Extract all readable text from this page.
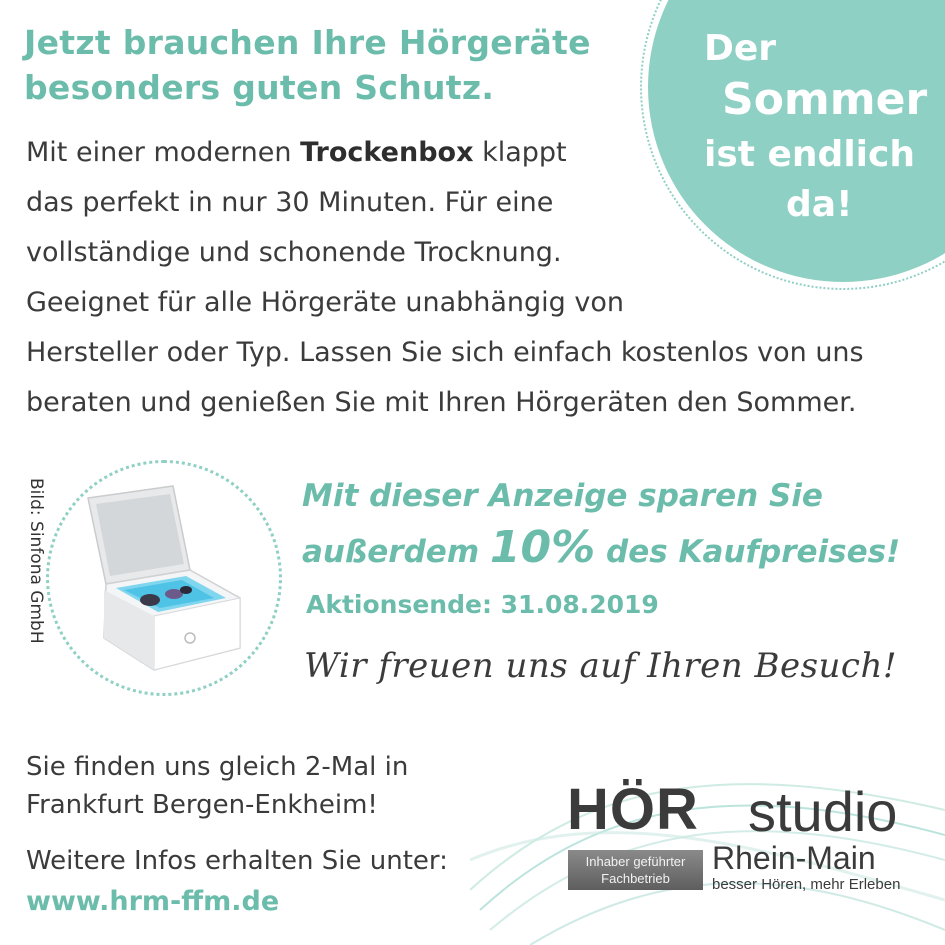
Jetzt brauchen Ihre Hörgeräte
besonders guten Schutz.
Mit einer modernen Trockenbox klappt
das perfekt in nur 30 Minuten. Für eine
vollständige und schonende Trocknung.
Geeignet für alle Hörgeräte unabhängig von
Hersteller oder Typ. Lassen Sie sich einfach kostenlos von uns
beraten und genießen Sie mit Ihren Hörgeräten den Sommer.
Der
Sommer
ist endlich
da!
Bild: Sinfona GmbH	Mit dieser Anzeige sparen Sie
außerdem 10% des Kaufpreises!
Aktionsende: 31.08.2019
Wir freuen uns auf Ihren Besuch!
Sie finden uns gleich 2-Mal in
Frankfurt Bergen-Enkheim!
Weitere Infos erhalten Sie unter:
www.hrm-ffm.de
HÖR studio
Inhaber geführter
Fachbetrieb
Rhein-Main
besser Hören, mehr Erleben
